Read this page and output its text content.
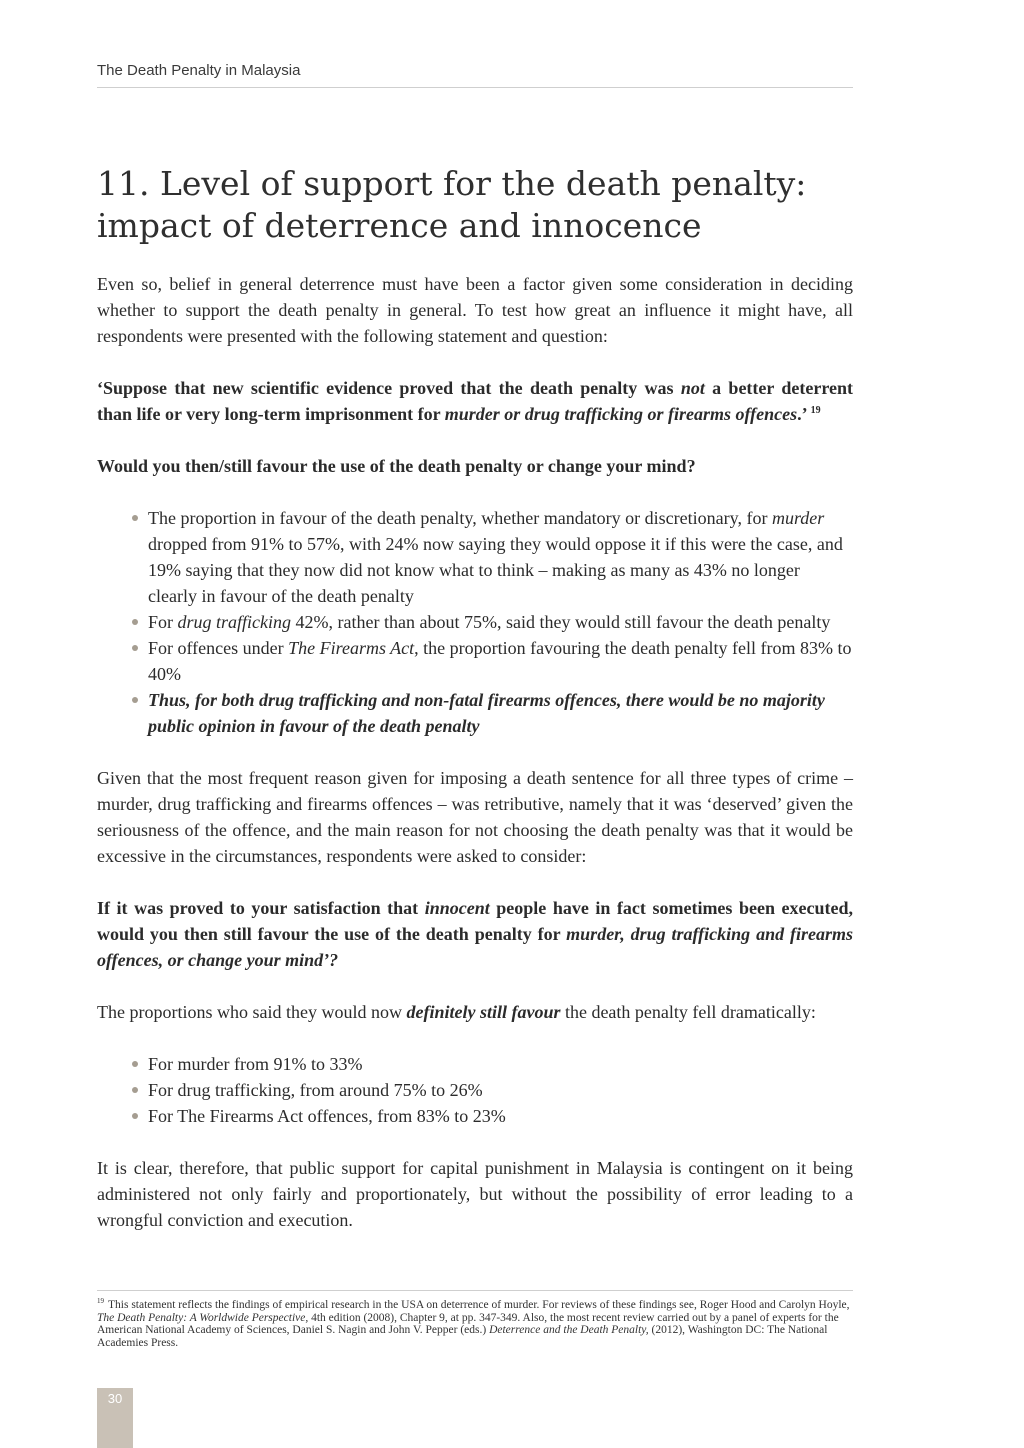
The Death Penalty in Malaysia
11. Level of support for the death penalty:
impact of deterrence and innocence

Even so, belief in general deterrence must have been a factor given some consideration in deciding whether to support the death penalty in general. To test how great an influence it might have, all respondents were presented with the following statement and question:

‘Suppose that new scientific evidence proved that the death penalty was not a better deterrent than life or very long-term imprisonment for murder or drug trafficking or firearms offences.’ $^{19}$

Would you then/still favour the use of the death penalty or change your mind?

The proportion in favour of the death penalty, whether mandatory or discretionary, for murder dropped from 91% to 57%, with 24% now saying they would oppose it if this were the case, and 19% saying that they now did not know what to think – making as many as 43% no longer clearly in favour of the death penalty
For drug trafficking 42%, rather than about 75%, said they would still favour the death penalty
For offences under The Firearms Act, the proportion favouring the death penalty fell from 83% to 40%
Thus, for both drug trafficking and non-fatal firearms offences, there would be no majority public opinion in favour of the death penalty

Given that the most frequent reason given for imposing a death sentence for all three types of crime – murder, drug trafficking and firearms offences – was retributive, namely that it was ‘deserved’ given the seriousness of the offence, and the main reason for not choosing the death penalty was that it would be excessive in the circumstances, respondents were asked to consider:

If it was proved to your satisfaction that innocent people have in fact sometimes been executed, would you then still favour the use of the death penalty for murder, drug trafficking and firearms offences, or change your mind’?

The proportions who said they would now definitely still favour the death penalty fell dramatically:

For murder from 91% to 33%
For drug trafficking, from around 75% to 26%
For The Firearms Act offences, from 83% to 23%

It is clear, therefore, that public support for capital punishment in Malaysia is contingent on it being administered not only fairly and proportionately, but without the possibility of error leading to a wrongful conviction and execution.

$^{19}$ This statement reflects the findings of empirical research in the USA on deterrence of murder. For reviews of these findings see, Roger Hood and Carolyn Hoyle, The Death Penalty: A Worldwide Perspective, 4th edition (2008), Chapter 9, at pp. 347-349. Also, the most recent review carried out by a panel of experts for the American National Academy of Sciences, Daniel S. Nagin and John V. Pepper (eds.) Deterrence and the Death Penalty, (2012), Washington DC: The National Academies Press.
30
